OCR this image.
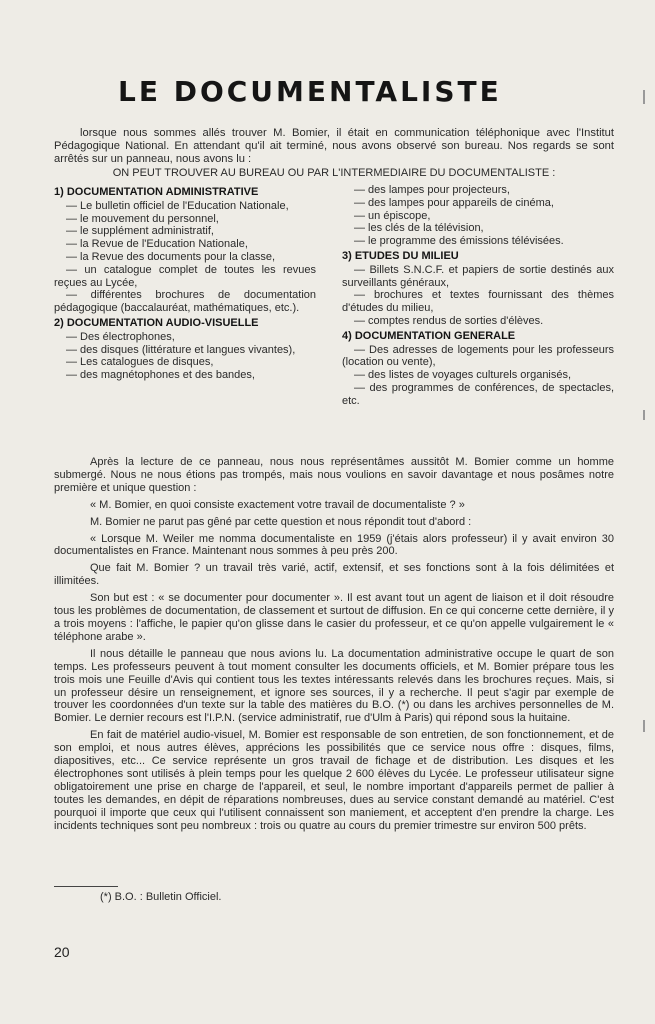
LE DOCUMENTALISTE

lorsque nous sommes allés trouver M. Bomier, il était en communication téléphonique avec l'Institut Pédagogique National. En attendant qu'il ait terminé, nous avons observé son bureau. Nos regards se sont arrêtés sur un panneau, nous avons lu :

ON PEUT TROUVER AU BUREAU OU PAR L'INTERMEDIAIRE DU DOCUMENTALISTE :
1) DOCUMENTATION ADMINISTRATIVE

— Le bulletin officiel de l'Education Nationale,

— le mouvement du personnel,

— le supplément administratif,

— la Revue de l'Education Nationale,

— la Revue des documents pour la classe,

— un catalogue complet de toutes les revues reçues au Lycée,

— différentes brochures de documentation pédagogique (baccalauréat, mathématiques, etc.).

2) DOCUMENTATION AUDIO-VISUELLE

— Des électrophones,

— des disques (littérature et langues vivantes),

— Les catalogues de disques,

— des magnétophones et des bandes,

— des lampes pour projecteurs,

— des lampes pour appareils de cinéma,

— un épiscope,

— les clés de la télévision,

— le programme des émissions télévisées.

3) ETUDES DU MILIEU

— Billets S.N.C.F. et papiers de sortie destinés aux surveillants généraux,

— brochures et textes fournissant des thèmes d'études du milieu,

— comptes rendus de sorties d'élèves.

4) DOCUMENTATION GENERALE

— Des adresses de logements pour les professeurs (location ou vente),

— des listes de voyages culturels organisés,

— des programmes de conférences, de spectacles, etc.

Après la lecture de ce panneau, nous nous représentâmes aussitôt M. Bomier comme un homme submergé. Nous ne nous étions pas trompés, mais nous voulions en savoir davantage et nous posâmes notre première et unique question :

« M. Bomier, en quoi consiste exactement votre travail de documentaliste ? »

M. Bomier ne parut pas gêné par cette question et nous répondit tout d'abord :

« Lorsque M. Weiler me nomma documentaliste en 1959 (j'étais alors professeur) il y avait environ 30 documentalistes en France. Maintenant nous sommes à peu près 200.

Que fait M. Bomier ? un travail très varié, actif, extensif, et ses fonctions sont à la fois délimitées et illimitées.

Son but est : « se documenter pour documenter ». Il est avant tout un agent de liaison et il doit résoudre tous les problèmes de documentation, de classement et surtout de diffusion. En ce qui concerne cette dernière, il y a trois moyens : l'affiche, le papier qu'on glisse dans le casier du professeur, et ce qu'on appelle vulgairement le « téléphone arabe ».

Il nous détaille le panneau que nous avions lu. La documentation administrative occupe le quart de son temps. Les professeurs peuvent à tout moment consulter les documents officiels, et M. Bomier prépare tous les trois mois une Feuille d'Avis qui contient tous les textes intéressants relevés dans les brochures reçues. Mais, si un professeur désire un renseignement, et ignore ses sources, il y a recherche. Il peut s'agir par exemple de trouver les coordonnées d'un texte sur la table des matières du B.O. (*) ou dans les archives personnelles de M. Bomier. Le dernier recours est l'I.P.N. (service administratif, rue d'Ulm à Paris) qui répond sous la huitaine.

En fait de matériel audio-visuel, M. Bomier est responsable de son entretien, de son fonctionnement, et de son emploi, et nous autres élèves, apprécions les possibilités que ce service nous offre : disques, films, diapositives, etc... Ce service représente un gros travail de fichage et de distribution. Les disques et les électrophones sont utilisés à plein temps pour les quelque 2 600 élèves du Lycée. Le professeur utilisateur signe obligatoirement une prise en charge de l'appareil, et seul, le nombre important d'appareils permet de pallier à toutes les demandes, en dépit de réparations nombreuses, dues au service constant demandé au matériel. C'est pourquoi il importe que ceux qui l'utilisent connaissent son maniement, et acceptent d'en prendre la charge. Les incidents techniques sont peu nombreux : trois ou quatre au cours du premier trimestre sur environ 500 prêts.

(*) B.O. : Bulletin Officiel.
20
